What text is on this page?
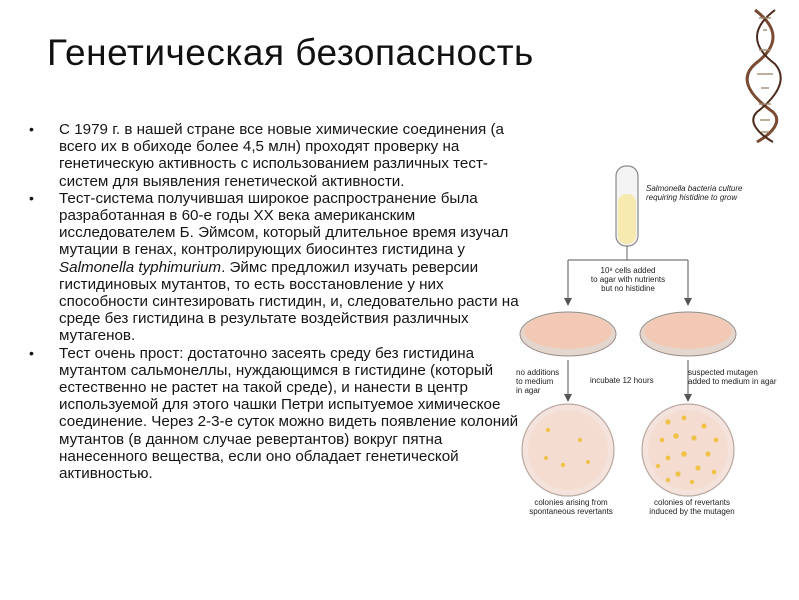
Генетическая безопасность
• С 1979 г. в нашей стране все новые химические соединения (а всего их в обиходе более 4,5 млн) проходят проверку на генетическую активность с использованием различных тест-систем для выявления генетической активности.
• Тест-система получившая широкое распространение была разработанная в 60-е годы XX века американским исследователем Б. Эймсом, который длительное время изучал мутации в генах, контролирующих биосинтез гистидина у Salmonella typhimurium. Эймс предложил изучать реверсии гистидиновых мутантов, то есть восстановление у них способности синтезировать гистидин, и, следовательно расти на среде без гистидина в результате воздействия различных мутагенов.
• Тест очень прост: достаточно засеять среду без гистидина мутантом сальмонеллы, нуждающимся в гистидине (который естественно не растет на такой среде), и нанести в центр используемой для этого чашки Петри испытуемое химическое соединение. Через 2-3-е суток можно видеть появление колоний мутантов (в данном случае ревертантов) вокруг пятна нанесенного вещества, если оно обладает генетической активностью.
Salmonella bacteria culture
requiring histidine to grow
10⁸ cells added
to agar with nutrients
but no histidine
no additions
to medium
in agar
incubate 12 hours
suspected mutagen
added to medium in agar
colonies arising from
spontaneous revertants
colonies of revertants
induced by the mutagen
